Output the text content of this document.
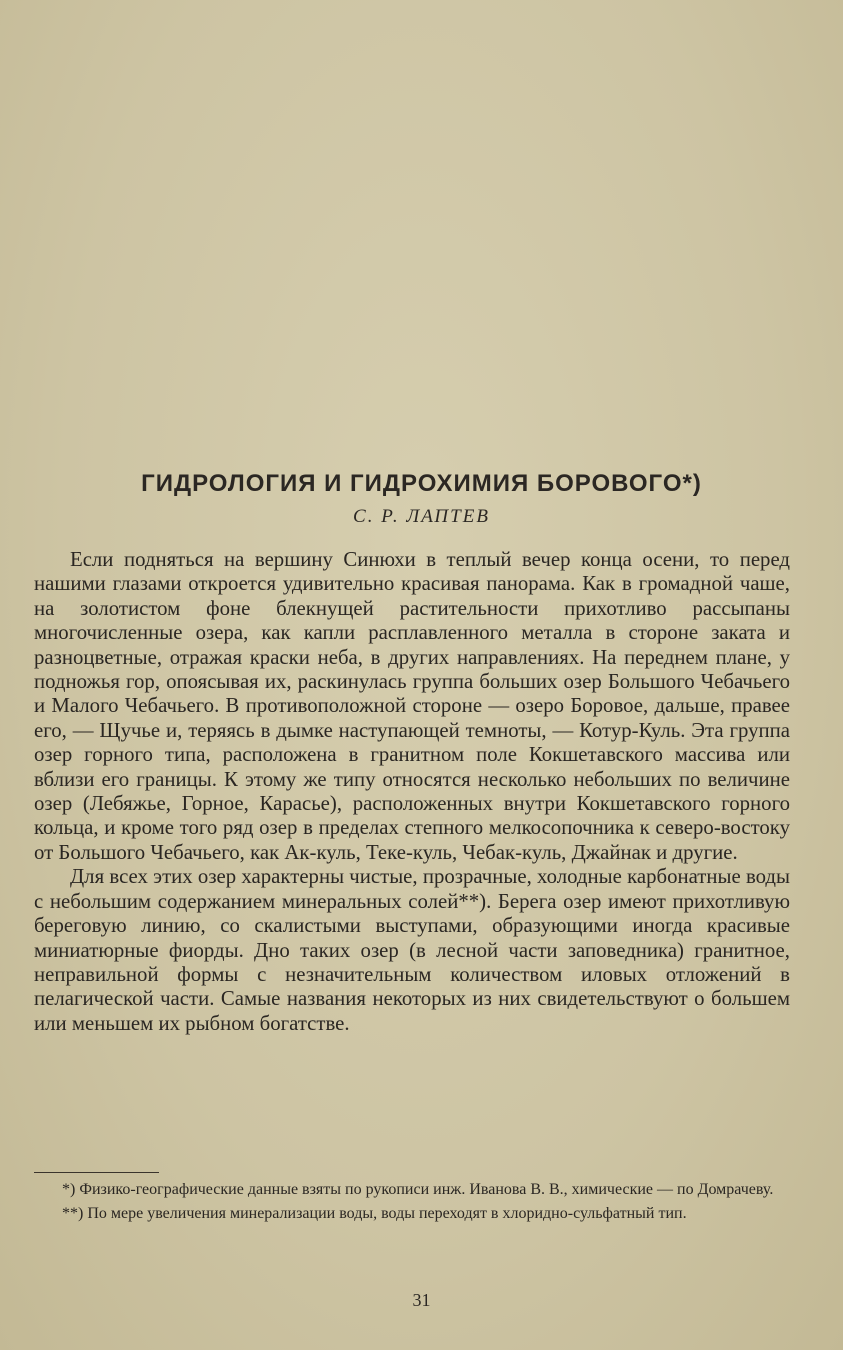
ГИДРОЛОГИЯ И ГИДРОХИМИЯ БОРОВОГО*)
С. Р. ЛАПТЕВ

Если подняться на вершину Синюхи в теплый вечер конца осени, то перед нашими глазами откроется удивительно красивая панорама. Как в громадной чаше, на золотистом фоне блекнущей растительности прихотливо рассыпаны многочисленные озера, как капли расплавленного металла в стороне заката и разноцветные, отражая краски неба, в других направлениях. На переднем плане, у подножья гор, опоясывая их, раскинулась группа больших озер Большого Чебачьего и Малого Чебачьего. В противоположной стороне — озеро Боровое, дальше, правее его, — Щучье и, теряясь в дымке наступающей темноты, — Котур-Куль. Эта группа озер горного типа, расположена в гранитном поле Кокшетавского массива или вблизи его границы. К этому же типу относятся несколько небольших по величине озер (Лебяжье, Горное, Карасье), расположенных внутри Кокшетавского горного кольца, и кроме того ряд озер в пределах степного мелкосопочника к северо-востоку от Большого Чебачьего, как Ак-куль, Теке-куль, Чебак-куль, Джайнак и другие.

Для всех этих озер характерны чистые, прозрачные, холодные карбонатные воды с небольшим содержанием минеральных солей**). Берега озер имеют прихотливую береговую линию, со скалистыми выступами, образующими иногда красивые миниатюрные фиорды. Дно таких озер (в лесной части заповедника) гранитное, неправильной формы с незначительным количеством иловых отложений в пелагической части. Самые названия некоторых из них свидетельствуют о большем или меньшем их рыбном богатстве.

*) Физико-географические данные взяты по рукописи инж. Иванова В. В., химические — по Домрачеву.

**) По мере увеличения минерализации воды, воды переходят в хлоридно-сульфатный тип.

31
